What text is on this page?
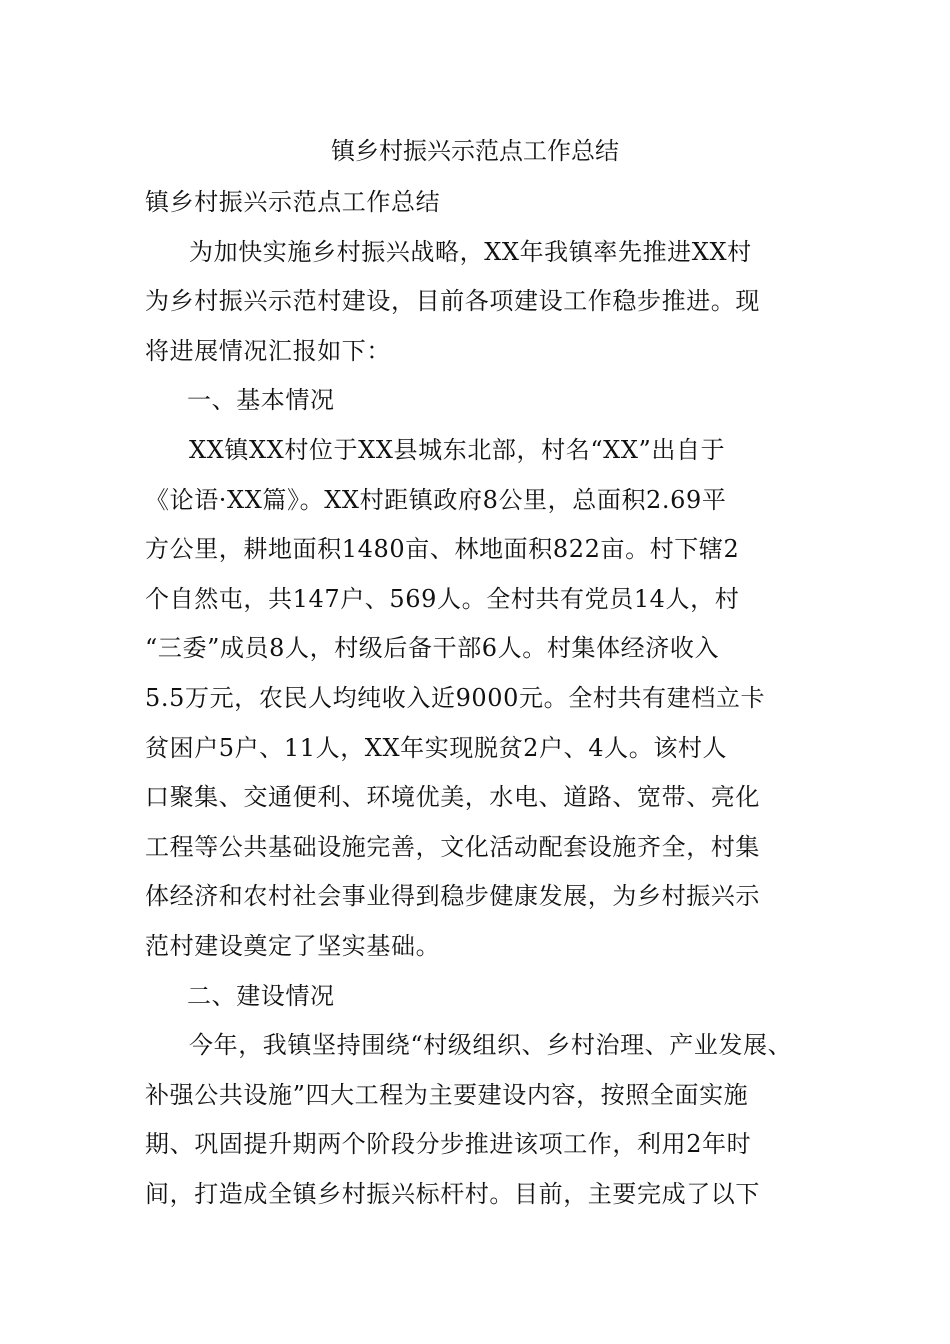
镇乡村振兴示范点工作总结
镇乡村振兴示范点工作总结
为加快实施乡村振兴战略，XX年我镇率先推进XX村
为乡村振兴示范村建设，目前各项建设工作稳步推进。现
将进展情况汇报如下：
一、基本情况
XX镇XX村位于XX县城东北部，村名“XX”出自于
《论语·XX篇》。XX村距镇政府8公里，总面积2.69平
方公里，耕地面积1480亩、林地面积822亩。村下辖2
个自然屯，共147户、569人。全村共有党员14人，村
“三委”成员8人，村级后备干部6人。村集体经济收入
5.5万元，农民人均纯收入近9000元。全村共有建档立卡
贫困户5户、11人，XX年实现脱贫2户、4人。该村人
口聚集、交通便利、环境优美，水电、道路、宽带、亮化
工程等公共基础设施完善，文化活动配套设施齐全，村集
体经济和农村社会事业得到稳步健康发展，为乡村振兴示
范村建设奠定了坚实基础。
二、建设情况
今年，我镇坚持围绕“村级组织、乡村治理、产业发展、
补强公共设施”四大工程为主要建设内容，按照全面实施
期、巩固提升期两个阶段分步推进该项工作，利用2年时
间，打造成全镇乡村振兴标杆村。目前，主要完成了以下
